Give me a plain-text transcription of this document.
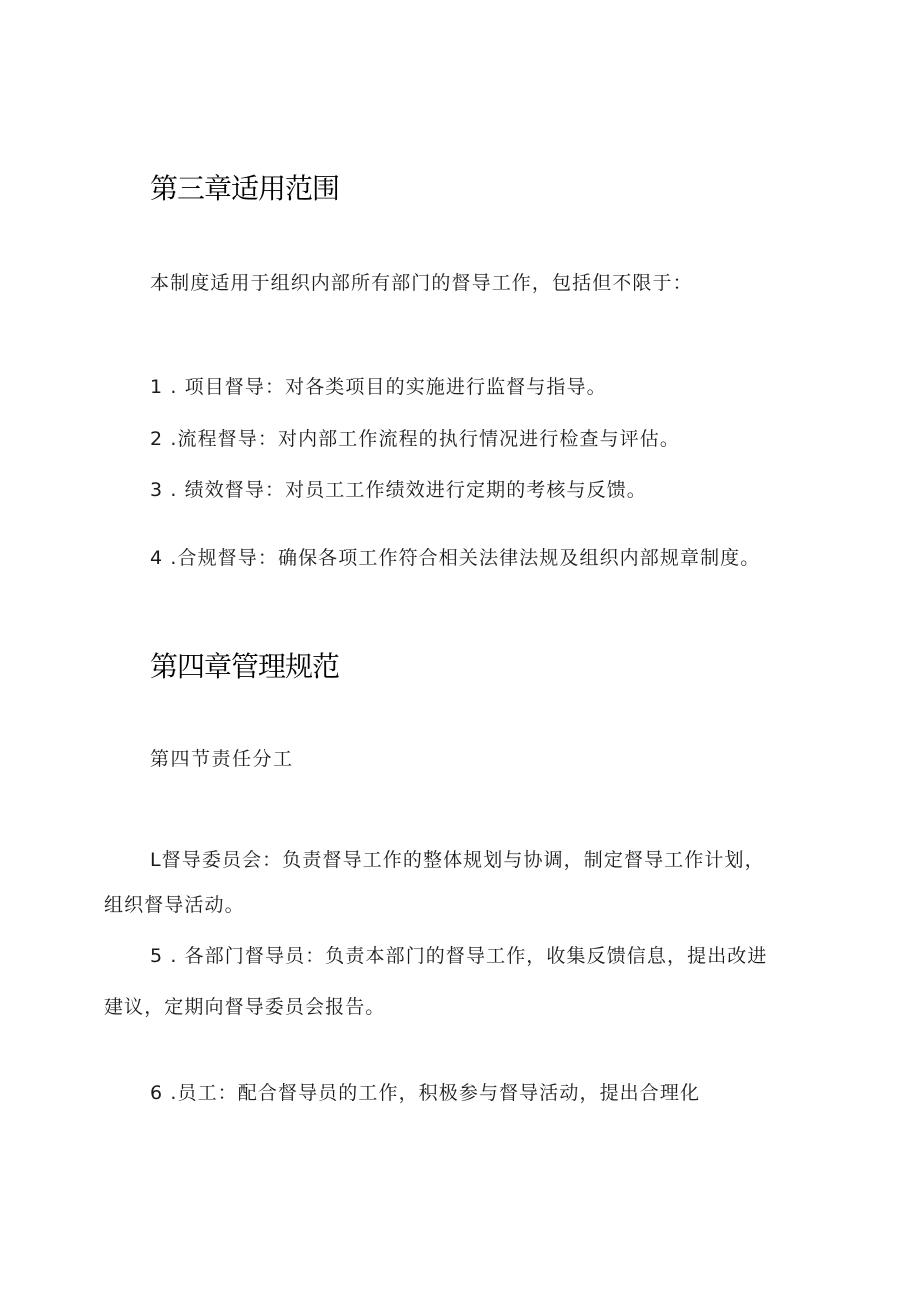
第三章适用范围

本制度适用于组织内部所有部门的督导工作，包括但不限于：

1 . 项目督导：对各类项目的实施进行监督与指导。

2 .流程督导：对内部工作流程的执行情况进行检查与评估。

3 . 绩效督导：对员工工作绩效进行定期的考核与反馈。

4 .合规督导：确保各项工作符合相关法律法规及组织内部规章制度。

第四章管理规范
第四节责任分工

L督导委员会：负责督导工作的整体规划与协调，制定督导工作计划，

组织督导活动。

5 . 各部门督导员：负责本部门的督导工作，收集反馈信息，提出改进

建议，定期向督导委员会报告。

6 .员工：配合督导员的工作，积极参与督导活动，提出合理化
